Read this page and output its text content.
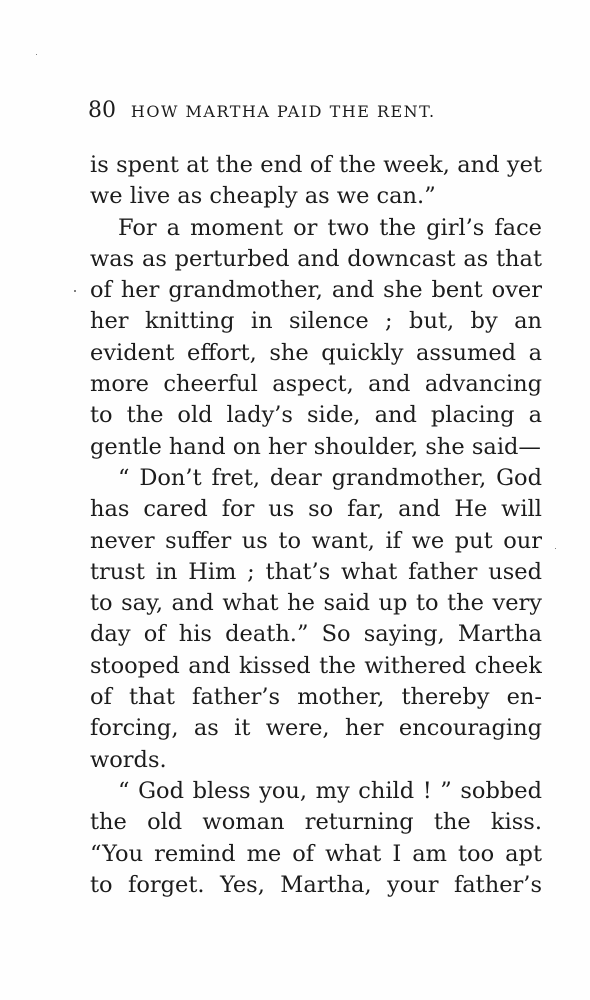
80 HOW MARTHA PAID THE RENT.
is spent at the end of the week, and yet
we live as cheaply as we can.”
For a moment or two the girl’s face
was as perturbed and downcast as that
of her grandmother, and she bent over
her knitting in silence ; but, by an
evident effort, she quickly assumed a
more cheerful aspect, and advancing
to the old lady’s side, and placing a
gentle hand on her shoulder, she said—
“ Don’t fret, dear grandmother, God
has cared for us so far, and He will
never suffer us to want, if we put our
trust in Him ; that’s what father used
to say, and what he said up to the very
day of his death.” So saying, Martha
stooped and kissed the withered cheek
of that father’s mother, thereby en-
forcing, as it were, her encouraging
words.
“ God bless you, my child ! ” sobbed
the old woman returning the kiss.
“You remind me of what I am too apt
to forget. Yes, Martha, your father’s
